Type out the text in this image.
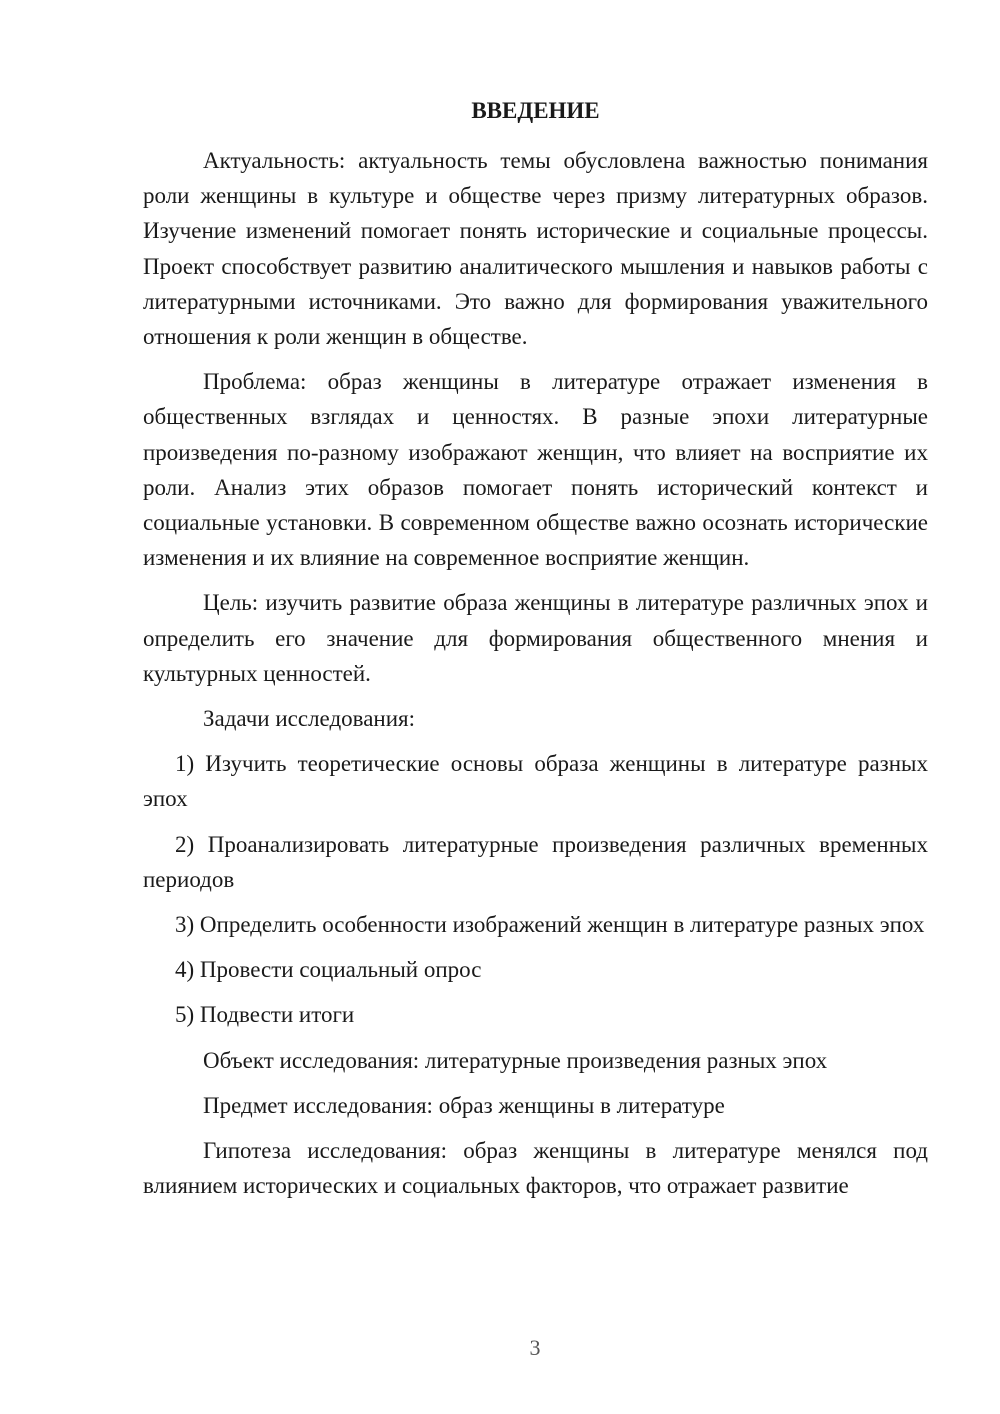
ВВЕДЕНИЕ

Актуальность: актуальность темы обусловлена важностью понимания роли женщины в культуре и обществе через призму литературных образов. Изучение изменений помогает понять исторические и социальные процессы. Проект способствует развитию аналитического мышления и навыков работы с литературными источниками. Это важно для формирования уважительного отношения к роли женщин в обществе.

Проблема: образ женщины в литературе отражает изменения в общественных взглядах и ценностях. В разные эпохи литературные произведения по-разному изображают женщин, что влияет на восприятие их роли. Анализ этих образов помогает понять исторический контекст и социальные установки. В современном обществе важно осознать исторические изменения и их влияние на современное восприятие женщин.

Цель: изучить развитие образа женщины в литературе различных эпох и определить его значение для формирования общественного мнения и культурных ценностей.

Задачи исследования:

1) Изучить теоретические основы образа женщины в литературе разных эпох

2) Проанализировать литературные произведения различных временных периодов

3) Определить особенности изображений женщин в литературе разных эпох

4) Провести социальный опрос

5) Подвести итоги

Объект исследования: литературные произведения разных эпох

Предмет исследования: образ женщины в литературе

Гипотеза исследования: образ женщины в литературе менялся под влиянием исторических и социальных факторов, что отражает развитие

3
